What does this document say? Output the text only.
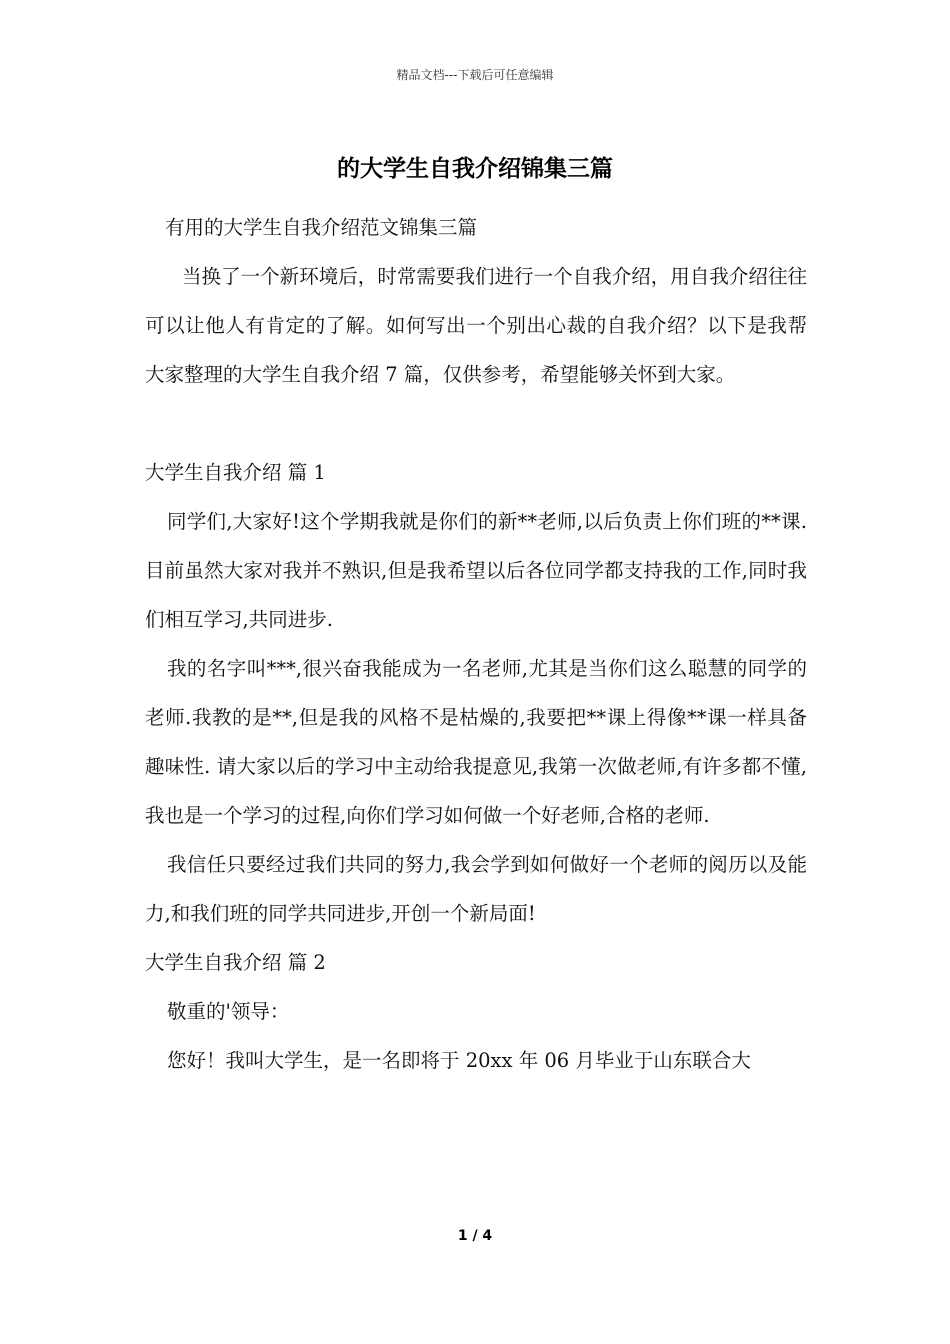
精品文档---下载后可任意编辑
的大学生自我介绍锦集三篇

有用的大学生自我介绍范文锦集三篇

当换了一个新环境后，时常需要我们进行一个自我介绍，用自我介绍往往可以让他人有肯定的了解。如何写出一个别出心裁的自我介绍？以下是我帮大家整理的大学生自我介绍 7 篇，仅供参考，希望能够关怀到大家。

大学生自我介绍 篇 1

同学们,大家好!这个学期我就是你们的新**老师,以后负责上你们班的**课.目前虽然大家对我并不熟识,但是我希望以后各位同学都支持我的工作,同时我们相互学习,共同进步.

我的名字叫***,很兴奋我能成为一名老师,尤其是当你们这么聪慧的同学的老师.我教的是**,但是我的风格不是枯燥的,我要把**课上得像**课一样具备趣味性. 请大家以后的学习中主动给我提意见,我第一次做老师,有许多都不懂,我也是一个学习的过程,向你们学习如何做一个好老师,合格的老师.

我信任只要经过我们共同的努力,我会学到如何做好一个老师的阅历以及能力,和我们班的同学共同进步,开创一个新局面!

大学生自我介绍 篇 2

敬重的'领导：

您好！我叫大学生，是一名即将于 20xx 年 06 月毕业于山东联合大

1 / 4
